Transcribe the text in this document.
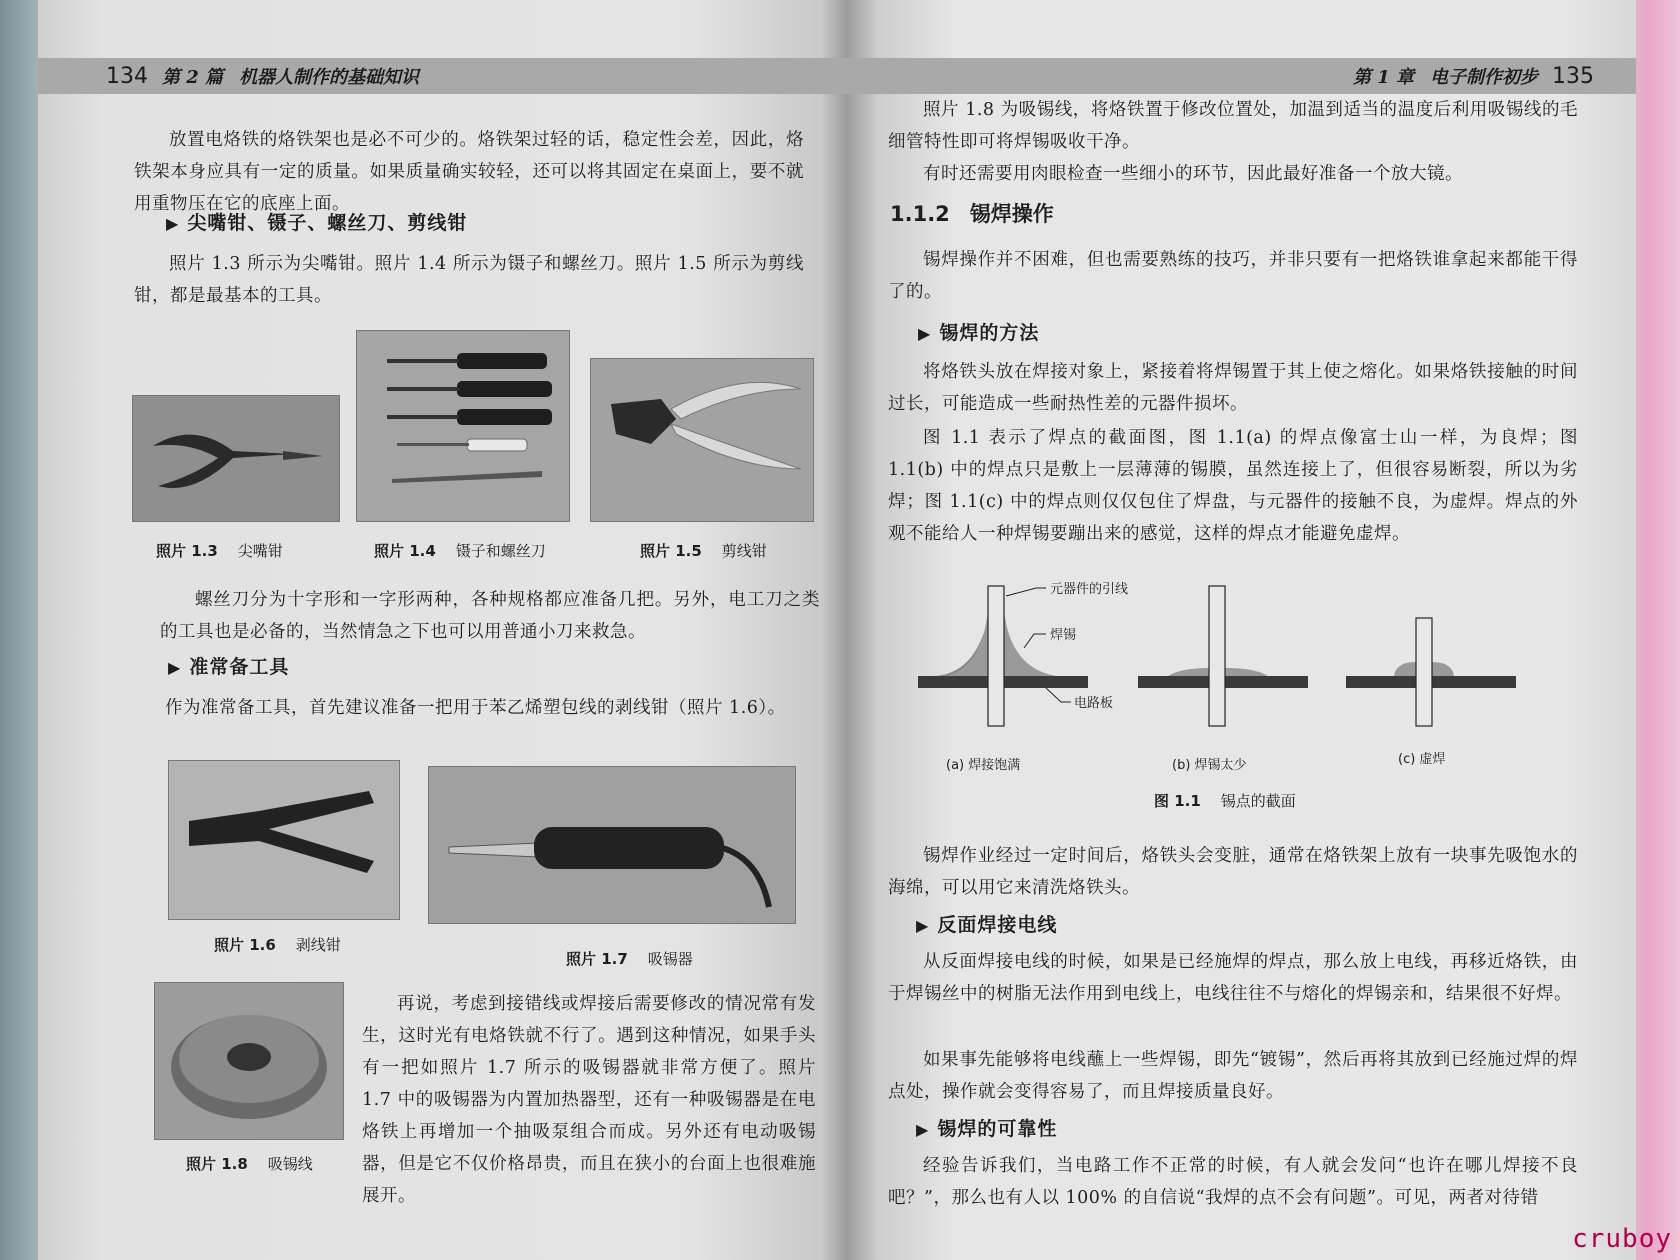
134 第 2 篇 机器人制作的基础知识
放置电烙铁的烙铁架也是必不可少的。烙铁架过轻的话，稳定性会差，因此，烙铁架本身应具有一定的质量。如果质量确实较轻，还可以将其固定在桌面上，要不就用重物压在它的底座上面。
▶ 尖嘴钳、镊子、螺丝刀、剪线钳
照片 1.3 所示为尖嘴钳。照片 1.4 所示为镊子和螺丝刀。照片 1.5 所示为剪线钳，都是最基本的工具。
照片 1.3 尖嘴钳	照片 1.4 镊子和螺丝刀	照片 1.5 剪线钳
螺丝刀分为十字形和一字形两种，各种规格都应准备几把。另外，电工刀之类的工具也是必备的，当然情急之下也可以用普通小刀来救急。
▶ 准常备工具
作为准常备工具，首先建议准备一把用于苯乙烯塑包线的剥线钳（照片 1.6）。
照片 1.6 剥线钳
照片 1.7 吸锡器
照片 1.8 吸锡线
再说，考虑到接错线或焊接后需要修改的情况常有发生，这时光有电烙铁就不行了。遇到这种情况，如果手头有一把如照片 1.7 所示的吸锡器就非常方便了。照片 1.7 中的吸锡器为内置加热器型，还有一种吸锡器是在电烙铁上再增加一个抽吸泵组合而成。另外还有电动吸锡器，但是它不仅价格昂贵，而且在狭小的台面上也很难施展开。
第 1 章 电子制作初步 135
照片 1.8 为吸锡线，将烙铁置于修改位置处，加温到适当的温度后利用吸锡线的毛细管特性即可将焊锡吸收干净。
有时还需要用肉眼检查一些细小的环节，因此最好准备一个放大镜。
1.1.2 锡焊操作
锡焊操作并不困难，但也需要熟练的技巧，并非只要有一把烙铁谁拿起来都能干得了的。
▶ 锡焊的方法
将烙铁头放在焊接对象上，紧接着将焊锡置于其上使之熔化。如果烙铁接触的时间过长，可能造成一些耐热性差的元器件损坏。
图 1.1 表示了焊点的截面图，图 1.1(a) 的焊点像富士山一样，为良焊；图 1.1(b) 中的焊点只是敷上一层薄薄的锡膜，虽然连接上了，但很容易断裂，所以为劣焊；图 1.1(c) 中的焊点则仅仅包住了焊盘，与元器件的接触不良，为虚焊。焊点的外观不能给人一种焊锡要蹦出来的感觉，这样的焊点才能避免虚焊。
元器件的引线
焊锡
电路板
(a) 焊接饱满	(b) 焊锡太少	(c) 虚焊
图 1.1 锡点的截面
锡焊作业经过一定时间后，烙铁头会变脏，通常在烙铁架上放有一块事先吸饱水的海绵，可以用它来清洗烙铁头。
▶ 反面焊接电线
从反面焊接电线的时候，如果是已经施焊的焊点，那么放上电线，再移近烙铁，由于焊锡丝中的树脂无法作用到电线上，电线往往不与熔化的焊锡亲和，结果很不好焊。
如果事先能够将电线蘸上一些焊锡，即先“镀锡”，然后再将其放到已经施过焊的焊点处，操作就会变得容易了，而且焊接质量良好。
▶ 锡焊的可靠性
经验告诉我们，当电路工作不正常的时候，有人就会发问“也许在哪儿焊接不良吧？”，那么也有人以 100% 的自信说“我焊的点不会有问题”。可见，两者对待错
cruboy
